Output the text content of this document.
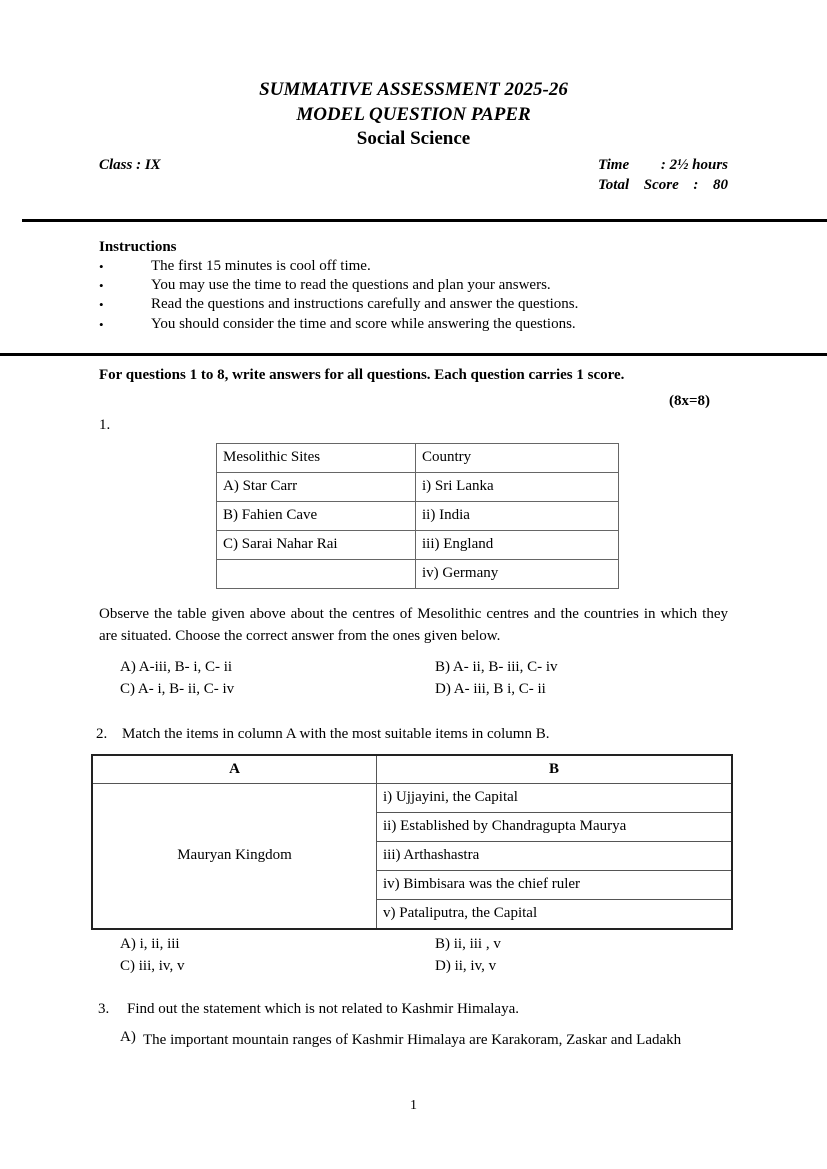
SUMMATIVE ASSESSMENT 2025-26
MODEL QUESTION PAPER
Social Science
Class : IX	Time : 2½ hours
Total Score : 80
Instructions
•	The first 15 minutes is cool off time.
•	You may use the time to read the questions and plan your answers.
•	Read the questions and instructions carefully and answer the questions.
•	You should consider the time and score while answering the questions.
For questions 1 to 8, write answers for all questions. Each question carries 1 score.
(8x=8)
1.
Mesolithic Sites	Country
A) Star Carr	i) Sri Lanka
B) Fahien Cave	ii) India
C) Sarai Nahar Rai	iii) England
	iv) Germany
Observe the table given above about the centres of Mesolithic centres and the countries in which they are situated. Choose the correct answer from the ones given below.
A) A-iii, B- i, C- ii	B) A- ii, B- iii, C- iv
C) A- i, B- ii, C- iv	D) A- iii, B i, C- ii
2. Match the items in column A with the most suitable items in column B.
A	B
Mauryan Kingdom	i) Ujjayini, the Capital
	ii) Established by Chandragupta Maurya
	iii) Arthashastra
	iv) Bimbisara was the chief ruler
	v) Pataliputra, the Capital
A) i, ii, iii	B) ii, iii , v
C) iii, iv, v	D) ii, iv, v
3.	Find out the statement which is not related to Kashmir Himalaya.
A) The important mountain ranges of Kashmir Himalaya are Karakoram, Zaskar and Ladakh
1
